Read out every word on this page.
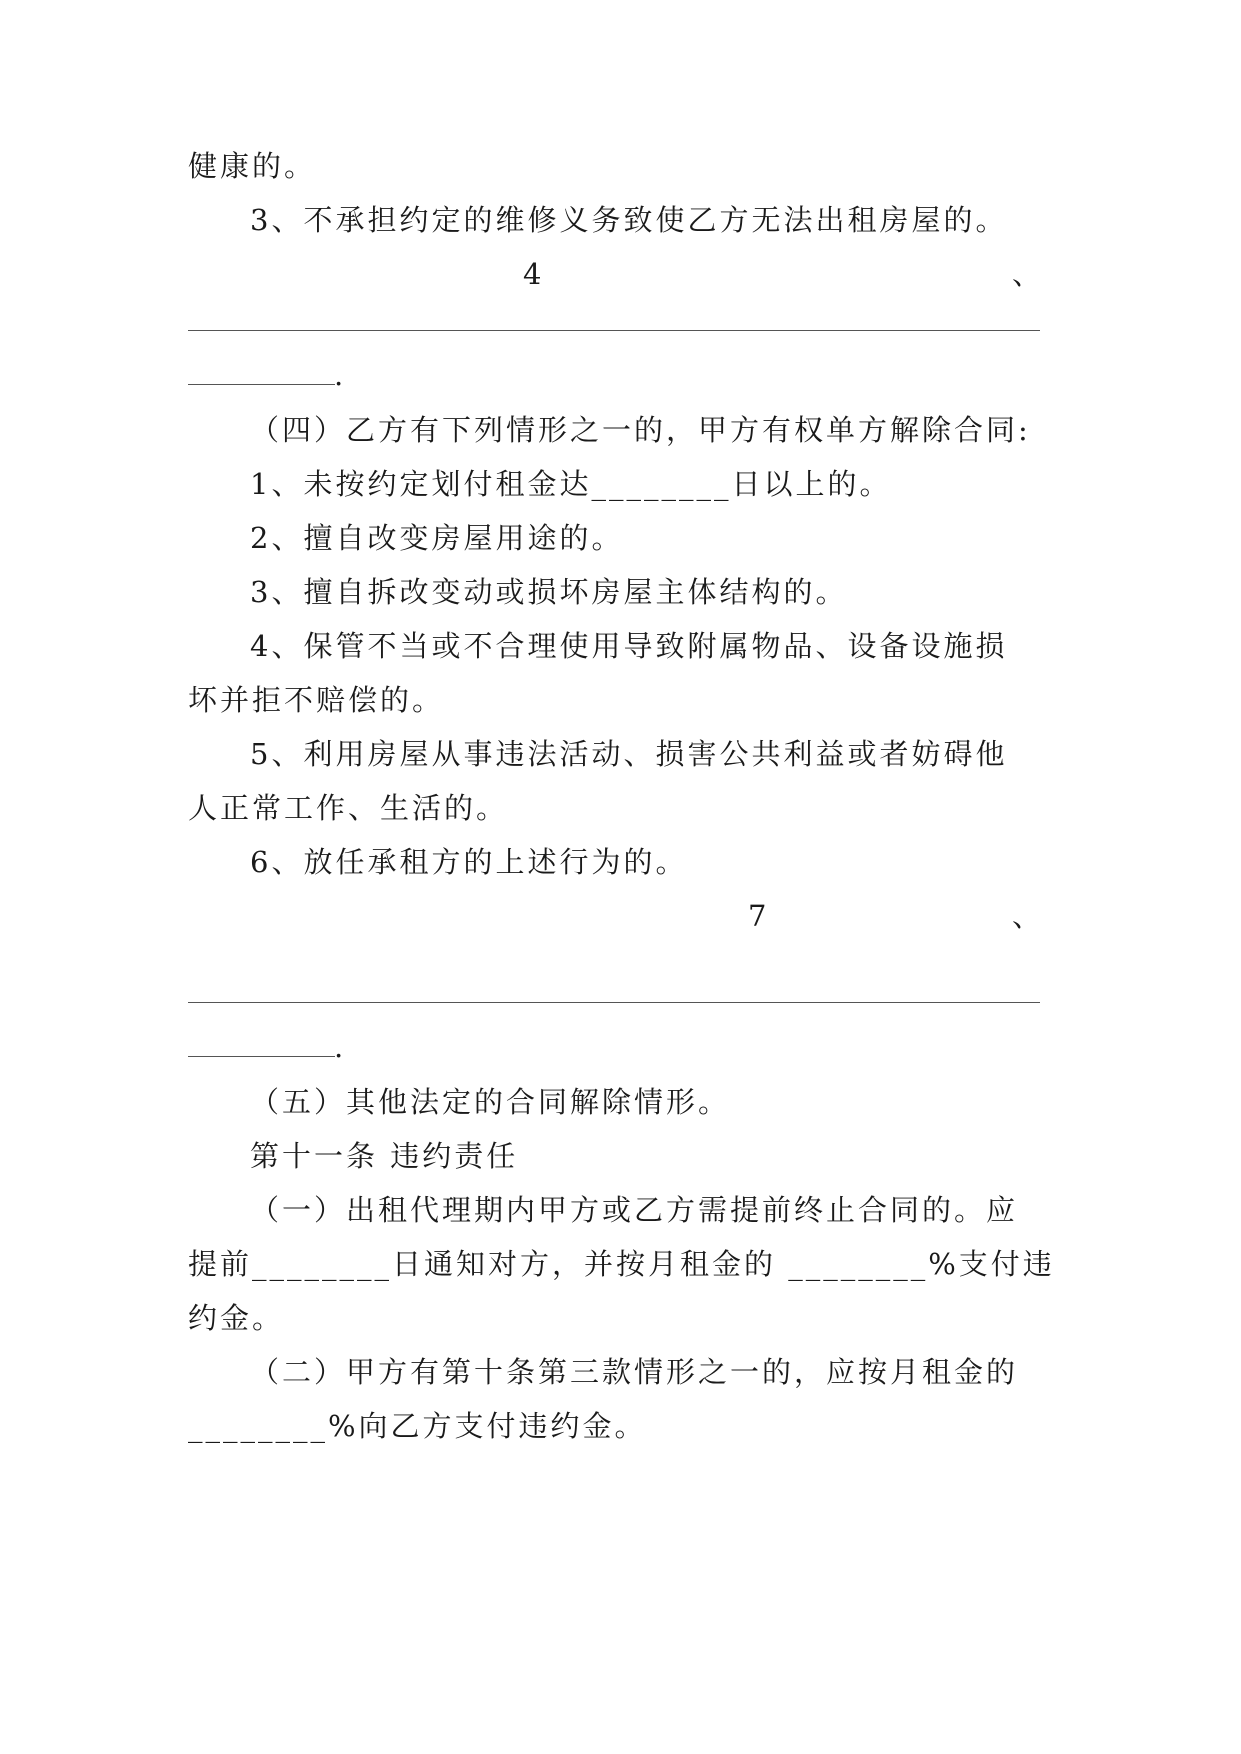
健康的。
3、不承担约定的维修义务致使乙方无法出租房屋的。
4	、
.
（四）乙方有下列情形之一的，甲方有权单方解除合同:
1、未按约定划付租金达________日以上的。
2、擅自改变房屋用途的。
3、擅自拆改变动或损坏房屋主体结构的。
4、保管不当或不合理使用导致附属物品、设备设施损
坏并拒不赔偿的。
5、利用房屋从事违法活动、损害公共利益或者妨碍他
人正常工作、生活的。
6、放任承租方的上述行为的。
7	、
.
（五）其他法定的合同解除情形。
第十一条 违约责任
（一）出租代理期内甲方或乙方需提前终止合同的。应
提前________日通知对方，并按月租金的 ________%支付违
约金。
（二）甲方有第十条第三款情形之一的，应按月租金的
________%向乙方支付违约金。
